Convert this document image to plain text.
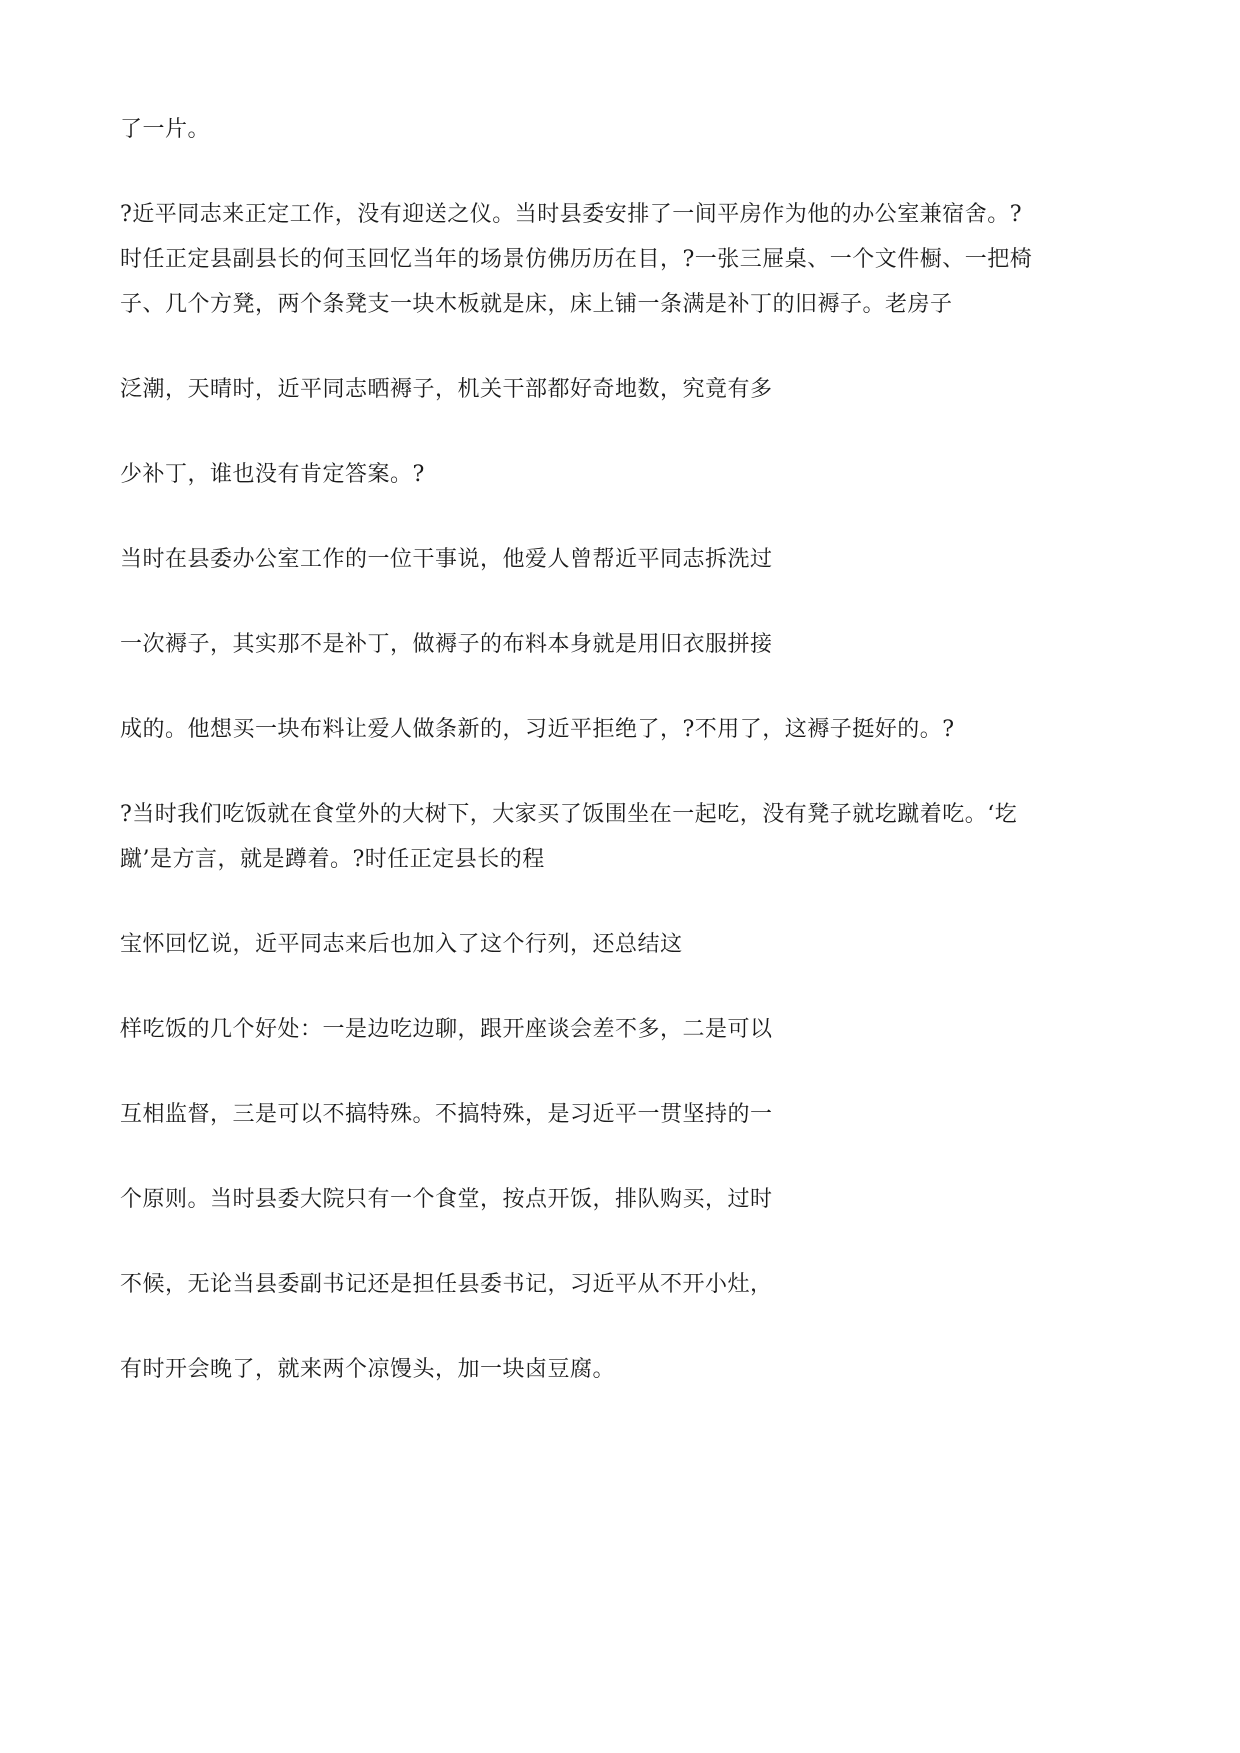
了一片。
?近平同志来正定工作，没有迎送之仪。当时县委安排了一间平房作为他的办公室兼宿舍。?
时任正定县副县长的何玉回忆当年的场景仿佛历历在目，?一张三屉桌、一个文件橱、一把椅
子、几个方凳，两个条凳支一块木板就是床，床上铺一条满是补丁的旧褥子。老房子
泛潮，天晴时，近平同志晒褥子，机关干部都好奇地数，究竟有多
少补丁，谁也没有肯定答案。?
当时在县委办公室工作的一位干事说，他爱人曾帮近平同志拆洗过
一次褥子，其实那不是补丁，做褥子的布料本身就是用旧衣服拼接
成的。他想买一块布料让爱人做条新的，习近平拒绝了，?不用了，这褥子挺好的。?
?当时我们吃饭就在食堂外的大树下，大家买了饭围坐在一起吃，没有凳子就圪蹴着吃。‘圪
蹴’是方言，就是蹲着。?时任正定县长的程
宝怀回忆说，近平同志来后也加入了这个行列，还总结这
样吃饭的几个好处：一是边吃边聊，跟开座谈会差不多，二是可以
互相监督，三是可以不搞特殊。不搞特殊，是习近平一贯坚持的一
个原则。当时县委大院只有一个食堂，按点开饭，排队购买，过时
不候，无论当县委副书记还是担任县委书记，习近平从不开小灶，
有时开会晚了，就来两个凉馒头，加一块卤豆腐。
